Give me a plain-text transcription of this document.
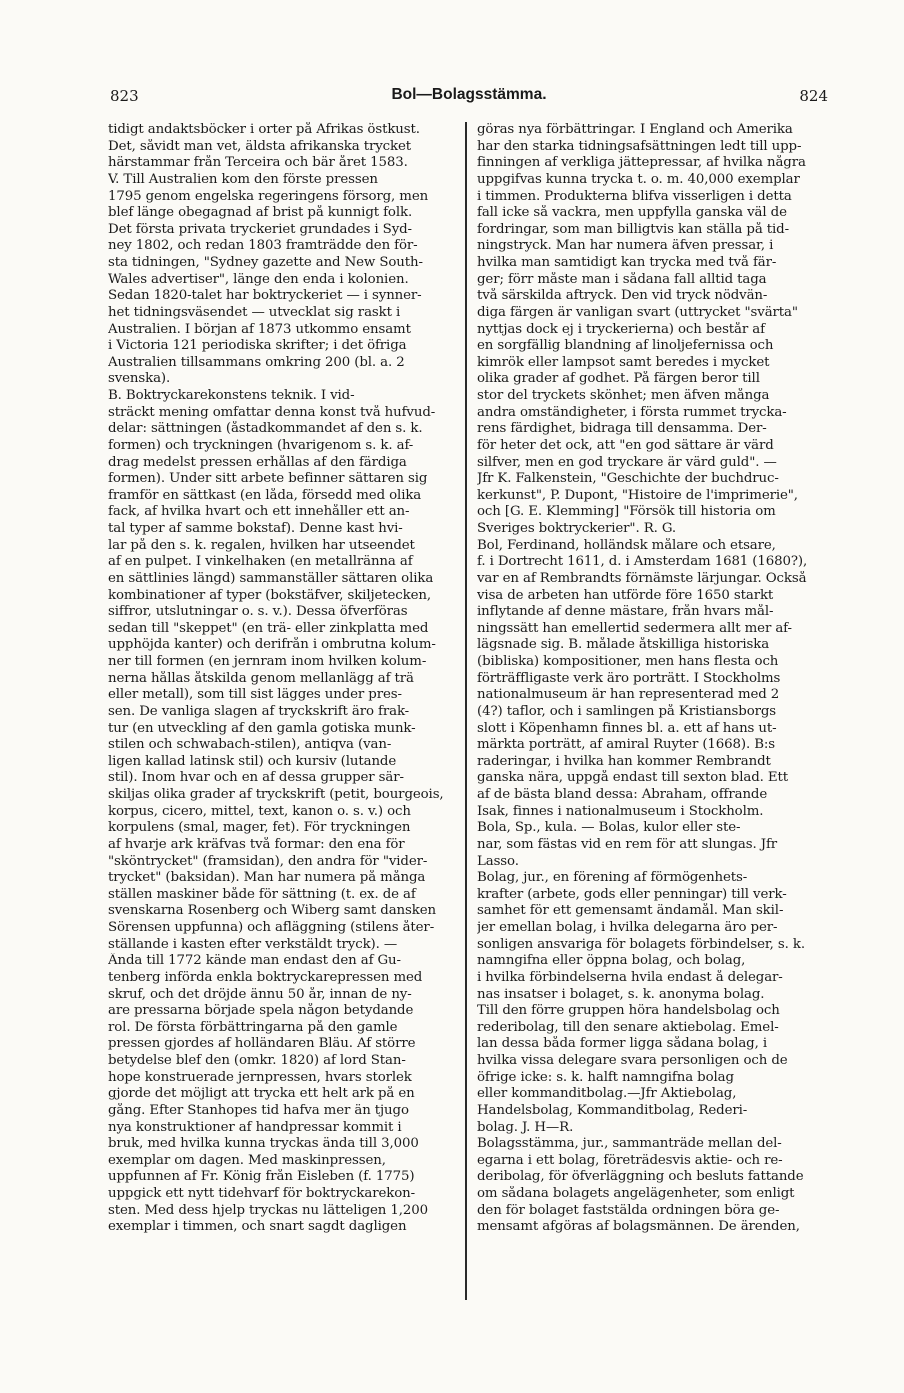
823	Bol—Bolagsstämma.	824
tidigt andaktsböcker i orter på Afrikas östkust.
Det, såvidt man vet, äldsta afrikanska trycket
härstammar från Terceira och bär året 1583.
V. Till Australien kom den förste pressen
1795 genom engelska regeringens försorg, men
blef länge obegagnad af brist på kunnigt folk.
Det första privata tryckeriet grundades i Syd-
ney 1802, och redan 1803 framträdde den för-
sta tidningen, "Sydney gazette and New South-
Wales advertiser", länge den enda i kolonien.
Sedan 1820-talet har boktryckeriet — i synner-
het tidningsväsendet — utvecklat sig raskt i
Australien. I början af 1873 utkommo ensamt
i Victoria 121 periodiska skrifter; i det öfriga
Australien tillsammans omkring 200 (bl. a. 2
svenska).
B. Boktryckarekonstens teknik. I vid-
sträckt mening omfattar denna konst två hufvud-
delar: sättningen (åstadkommandet af den s. k.
formen) och tryckningen (hvarigenom s. k. af-
drag medelst pressen erhållas af den färdiga
formen). Under sitt arbete befinner sättaren sig
framför en sättkast (en låda, försedd med olika
fack, af hvilka hvart och ett innehåller ett an-
tal typer af samme bokstaf). Denne kast hvi-
lar på den s. k. regalen, hvilken har utseendet
af en pulpet. I vinkelhaken (en metallränna af
en sättlinies längd) sammanställer sättaren olika
kombinationer af typer (bokstäfver, skiljetecken,
siffror, utslutningar o. s. v.). Dessa öfverföras
sedan till "skeppet" (en trä- eller zinkplatta med
upphöjda kanter) och derifrån i ombrutna kolum-
ner till formen (en jernram inom hvilken kolum-
nerna hållas åtskilda genom mellanlägg af trä
eller metall), som till sist lägges under pres-
sen. De vanliga slagen af tryckskrift äro frak-
tur (en utveckling af den gamla gotiska munk-
stilen och schwabach-stilen), antiqva (van-
ligen kallad latinsk stil) och kursiv (lutande
stil). Inom hvar och en af dessa grupper sär-
skiljas olika grader af tryckskrift (petit, bourgeois,
korpus, cicero, mittel, text, kanon o. s. v.) och
korpulens (smal, mager, fet). För tryckningen
af hvarje ark kräfvas två formar: den ena för
"sköntrycket" (framsidan), den andra för "vider-
trycket" (baksidan). Man har numera på många
ställen maskiner både för sättning (t. ex. de af
svenskarna Rosenberg och Wiberg samt dansken
Sörensen uppfunna) och afläggning (stilens åter-
ställande i kasten efter verkstäldt tryck). —
Ända till 1772 kände man endast den af Gu-
tenberg införda enkla boktryckarepressen med
skruf, och det dröjde ännu 50 år, innan de ny-
are pressarna började spela någon betydande
rol. De första förbättringarna på den gamle
pressen gjordes af holländaren Bläu. Af större
betydelse blef den (omkr. 1820) af lord Stan-
hope konstruerade jernpressen, hvars storlek
gjorde det möjligt att trycka ett helt ark på en
gång. Efter Stanhopes tid hafva mer än tjugo
nya konstruktioner af handpressar kommit i
bruk, med hvilka kunna tryckas ända till 3,000
exemplar om dagen. Med maskinpressen,
uppfunnen af Fr. König från Eisleben (f. 1775)
uppgick ett nytt tidehvarf för boktryckarekon-
sten. Med dess hjelp tryckas nu lätteligen 1,200
exemplar i timmen, och snart sagdt dagligen
göras nya förbättringar. I England och Amerika
har den starka tidningsafsättningen ledt till upp-
finningen af verkliga jättepressar, af hvilka några
uppgifvas kunna trycka t. o. m. 40,000 exemplar
i timmen. Produkterna blifva visserligen i detta
fall icke så vackra, men uppfylla ganska väl de
fordringar, som man billigtvis kan ställa på tid-
ningstryck. Man har numera äfven pressar, i
hvilka man samtidigt kan trycka med två fär-
ger; förr måste man i sådana fall alltid taga
två särskilda aftryck. Den vid tryck nödvän-
diga färgen är vanligan svart (uttrycket "svärta"
nyttjas dock ej i tryckerierna) och består af
en sorgfällig blandning af linoljefernissa och
kimrök eller lampsot samt beredes i mycket
olika grader af godhet. På färgen beror till
stor del tryckets skönhet; men äfven många
andra omständigheter, i första rummet trycka-
rens färdighet, bidraga till densamma. Der-
för heter det ock, att "en god sättare är värd
silfver, men en god tryckare är värd guld". —
Jfr K. Falkenstein, "Geschichte der buchdruc-
kerkunst", P. Dupont, "Histoire de l'imprimerie",
och [G. E. Klemming] "Försök till historia om
Sveriges boktryckerier". R. G.
Bol, Ferdinand, holländsk målare och etsare,
f. i Dortrecht 1611, d. i Amsterdam 1681 (1680?),
var en af Rembrandts förnämste lärjungar. Också
visa de arbeten han utförde före 1650 starkt
inflytande af denne mästare, från hvars mål-
ningssätt han emellertid sedermera allt mer af-
lägsnade sig. B. målade åtskilliga historiska
(bibliska) kompositioner, men hans flesta och
förträffligaste verk äro porträtt. I Stockholms
nationalmuseum är han representerad med 2
(4?) taflor, och i samlingen på Kristiansborgs
slott i Köpenhamn finnes bl. a. ett af hans ut-
märkta porträtt, af amiral Ruyter (1668). B:s
raderingar, i hvilka han kommer Rembrandt
ganska nära, uppgå endast till sexton blad. Ett
af de bästa bland dessa: Abraham, offrande
Isak, finnes i nationalmuseum i Stockholm.
Bola, Sp., kula. — Bolas, kulor eller ste-
nar, som fästas vid en rem för att slungas. Jfr
Lasso.
Bolag, jur., en förening af förmögenhets-
krafter (arbete, gods eller penningar) till verk-
samhet för ett gemensamt ändamål. Man skil-
jer emellan bolag, i hvilka delegarna äro per-
sonligen ansvariga för bolagets förbindelser, s. k.
namngifna eller öppna bolag, och bolag,
i hvilka förbindelserna hvila endast å delegar-
nas insatser i bolaget, s. k. anonyma bolag.
Till den förre gruppen höra handelsbolag och
rederibolag, till den senare aktiebolag. Emel-
lan dessa båda former ligga sådana bolag, i
hvilka vissa delegare svara personligen och de
öfrige icke: s. k. halft namngifna bolag
eller kommanditbolag.—Jfr Aktiebolag,
Handelsbolag, Kommanditbolag, Rederi-
bolag. J. H—R.
Bolagsstämma, jur., sammanträde mellan del-
egarna i ett bolag, företrädesvis aktie- och re-
deribolag, för öfverläggning och besluts fattande
om sådana bolagets angelägenheter, som enligt
den för bolaget faststälda ordningen böra ge-
mensamt afgöras af bolagsmännen. De ärenden,
